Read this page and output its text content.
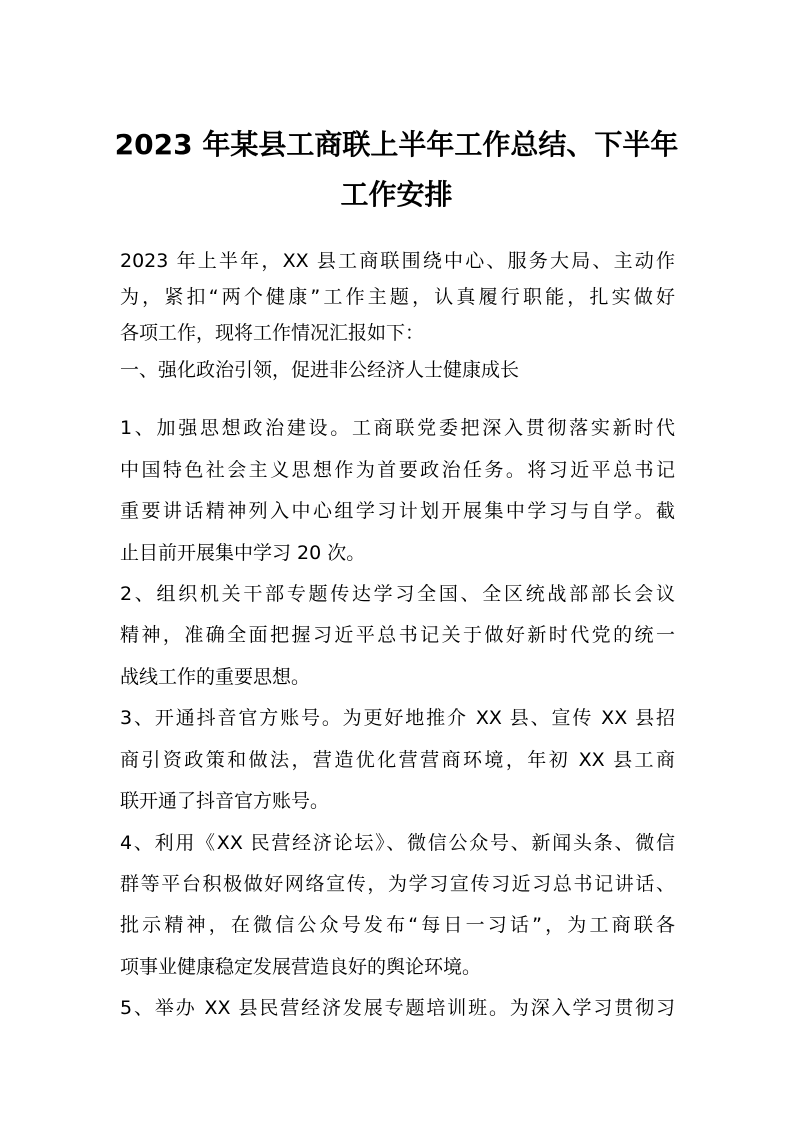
2023 年某县工商联上半年工作总结、下半年
工作安排

2023 年上半年，XX 县工商联围绕中心、服务大局、主动作

为，紧扣“两个健康”工作主题，认真履行职能，扎实做好

各项工作，现将工作情况汇报如下：

一、强化政治引领，促进非公经济人士健康成长

1、加强思想政治建设。工商联党委把深入贯彻落实新时代

中国特色社会主义思想作为首要政治任务。将习近平总书记

重要讲话精神列入中心组学习计划开展集中学习与自学。截

止目前开展集中学习 20 次。

2、组织机关干部专题传达学习全国、全区统战部部长会议

精神，准确全面把握习近平总书记关于做好新时代党的统一

战线工作的重要思想。

3、开通抖音官方账号。为更好地推介 XX 县、宣传 XX 县招

商引资政策和做法，营造优化营营商环境，年初 XX 县工商

联开通了抖音官方账号。

4、利用《XX 民营经济论坛》、微信公众号、新闻头条、微信

群等平台积极做好网络宣传，为学习宣传习近习总书记讲话、

批示精神，在微信公众号发布“每日一习话”，为工商联各

项事业健康稳定发展营造良好的舆论环境。

5、举办 XX 县民营经济发展专题培训班。为深入学习贯彻习
